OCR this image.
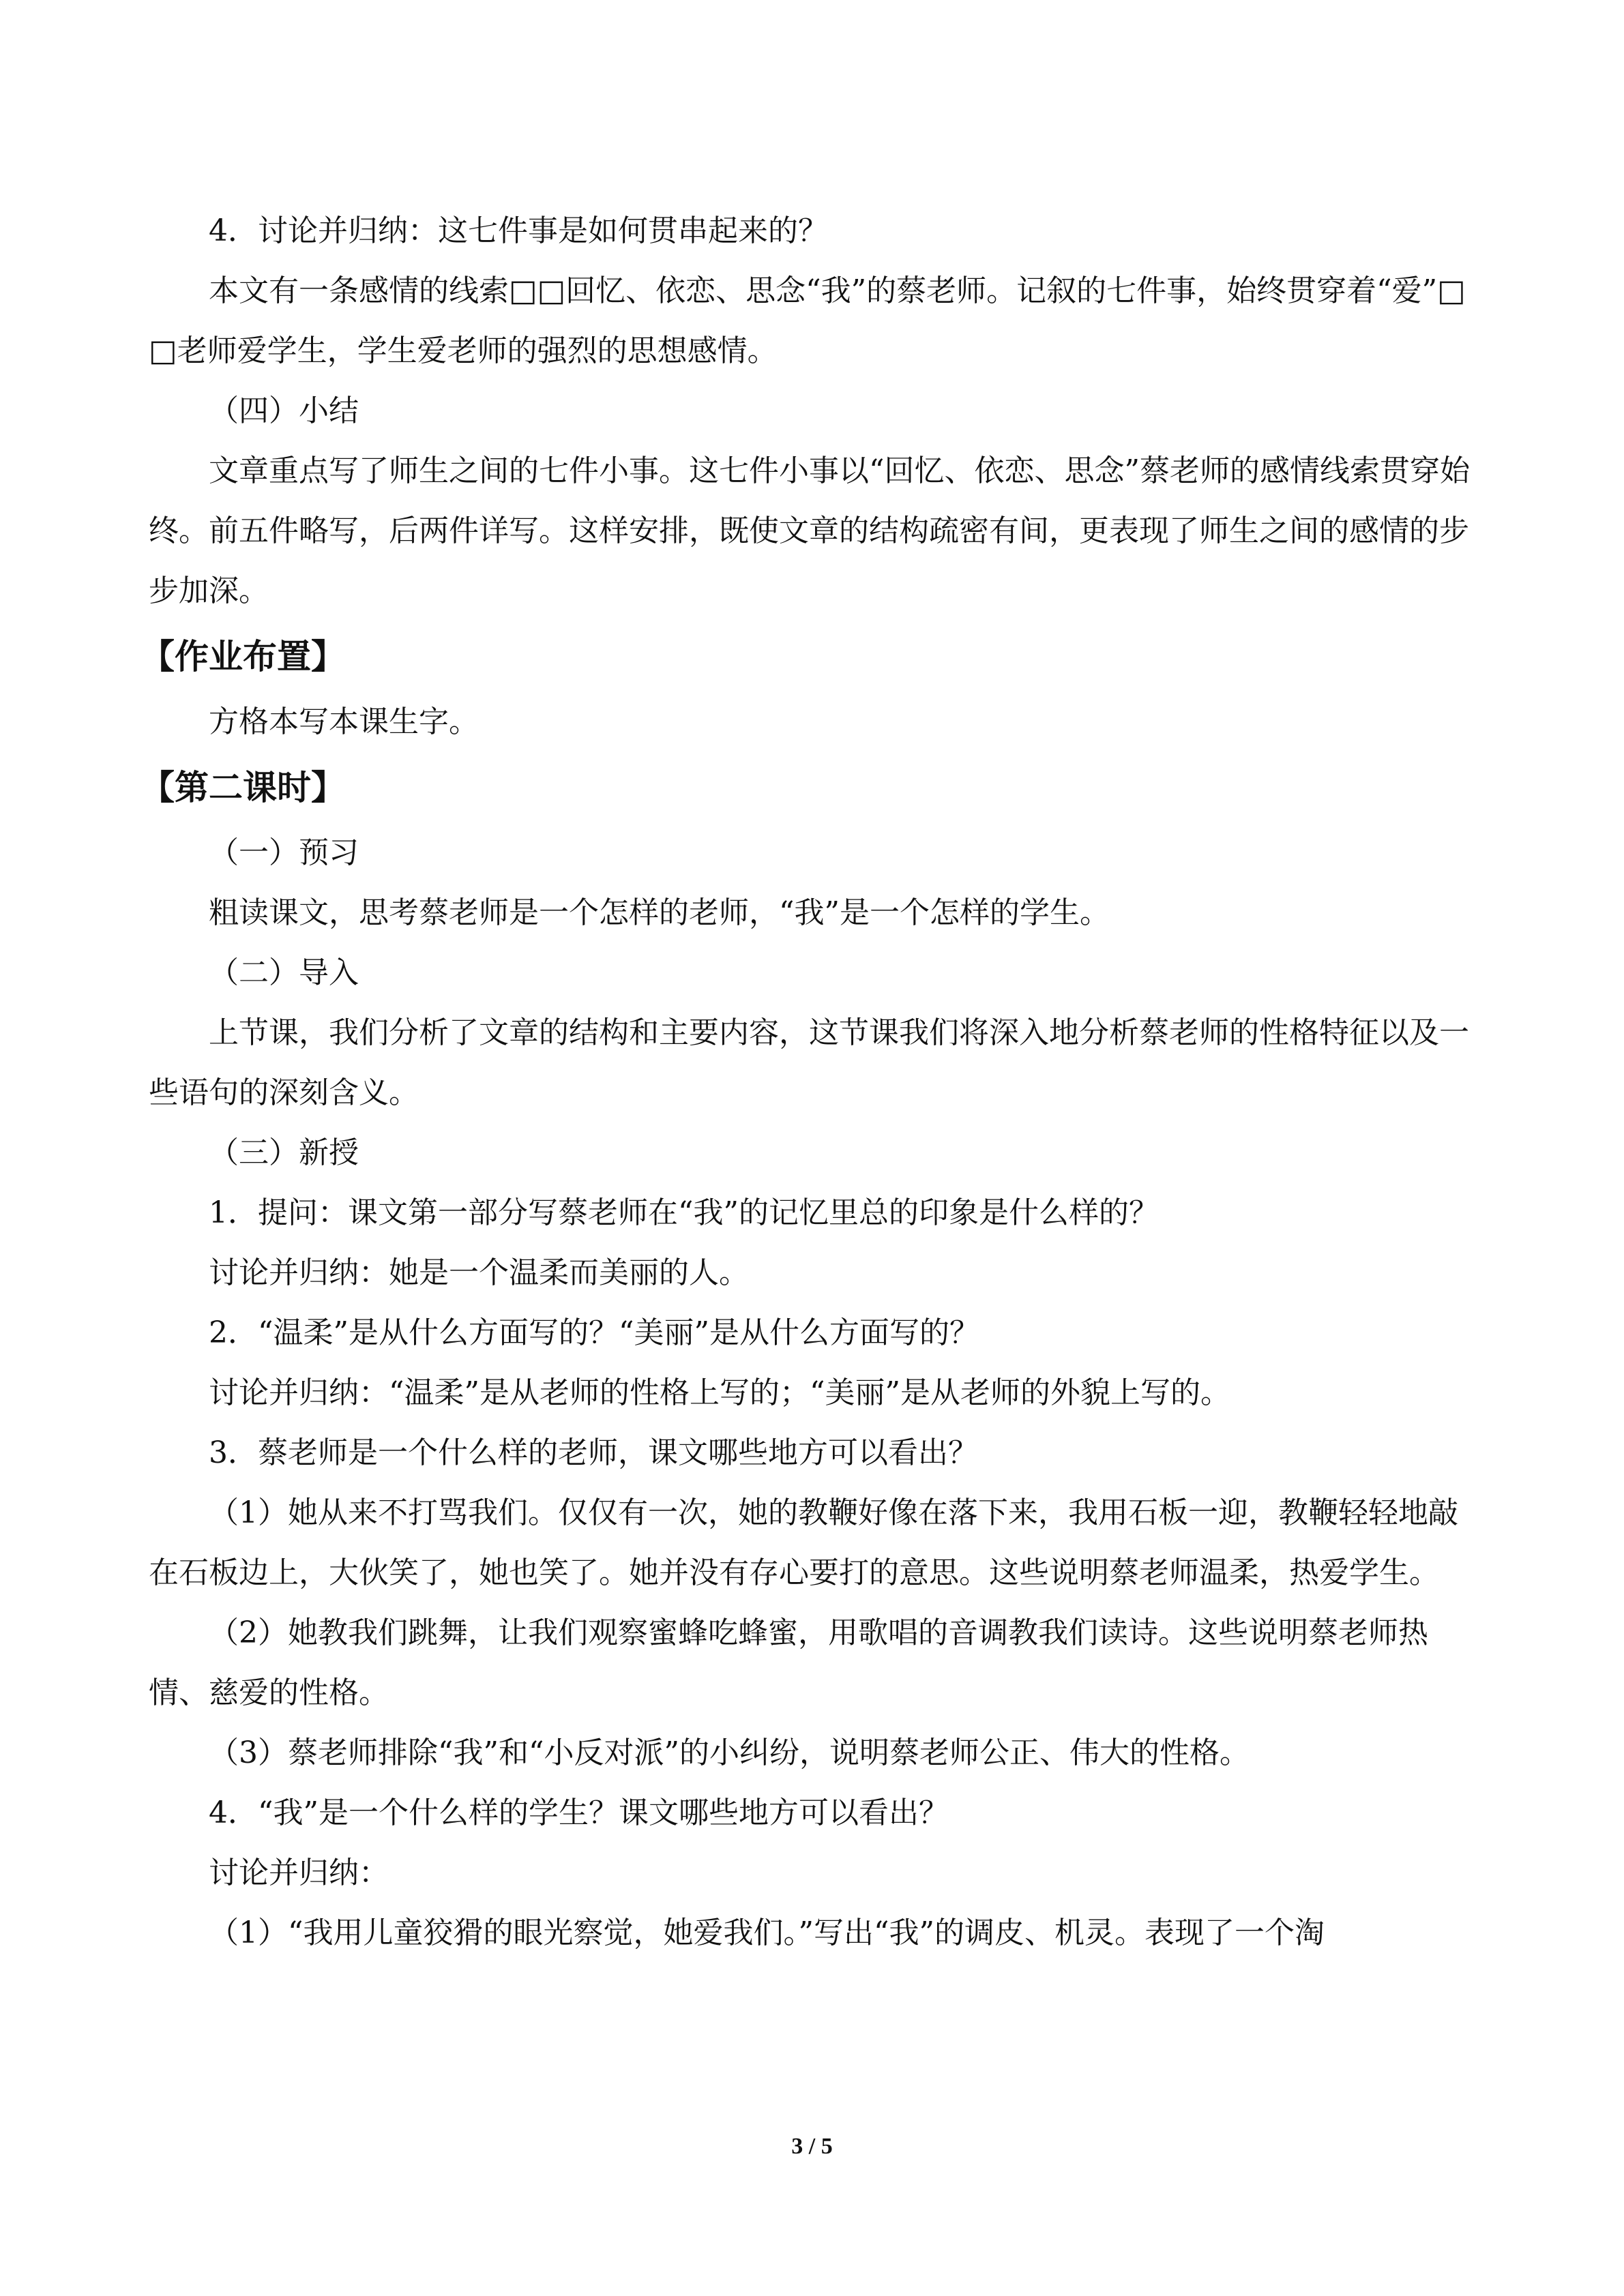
4．讨论并归纳：这七件事是如何贯串起来的？

本文有一条感情的线索□□回忆、依恋、思念“我”的蔡老师。记叙的七件事，始终贯穿着“爱”□□老师爱学生，学生爱老师的强烈的思想感情。

（四）小结

文章重点写了师生之间的七件小事。这七件小事以“回忆、依恋、思念”蔡老师的感情线索贯穿始终。前五件略写，后两件详写。这样安排，既使文章的结构疏密有间，更表现了师生之间的感情的步步加深。

【作业布置】

方格本写本课生字。

【第二课时】

（一）预习

粗读课文，思考蔡老师是一个怎样的老师，“我”是一个怎样的学生。

（二）导入

上节课，我们分析了文章的结构和主要内容，这节课我们将深入地分析蔡老师的性格特征以及一些语句的深刻含义。

（三）新授

1．提问：课文第一部分写蔡老师在“我”的记忆里总的印象是什么样的？

讨论并归纳：她是一个温柔而美丽的人。

2．“温柔”是从什么方面写的？“美丽”是从什么方面写的？

讨论并归纳：“温柔”是从老师的性格上写的；“美丽”是从老师的外貌上写的。

3．蔡老师是一个什么样的老师，课文哪些地方可以看出？

（1）她从来不打骂我们。仅仅有一次，她的教鞭好像在落下来，我用石板一迎，教鞭轻轻地敲在石板边上，大伙笑了，她也笑了。她并没有存心要打的意思。这些说明蔡老师温柔，热爱学生。

（2）她教我们跳舞，让我们观察蜜蜂吃蜂蜜，用歌唱的音调教我们读诗。这些说明蔡老师热情、慈爱的性格。

（3）蔡老师排除“我”和“小反对派”的小纠纷，说明蔡老师公正、伟大的性格。

4．“我”是一个什么样的学生？课文哪些地方可以看出？

讨论并归纳：

（1）“我用儿童狡猾的眼光察觉，她爱我们。”写出“我”的调皮、机灵。表现了一个淘

3 / 5
